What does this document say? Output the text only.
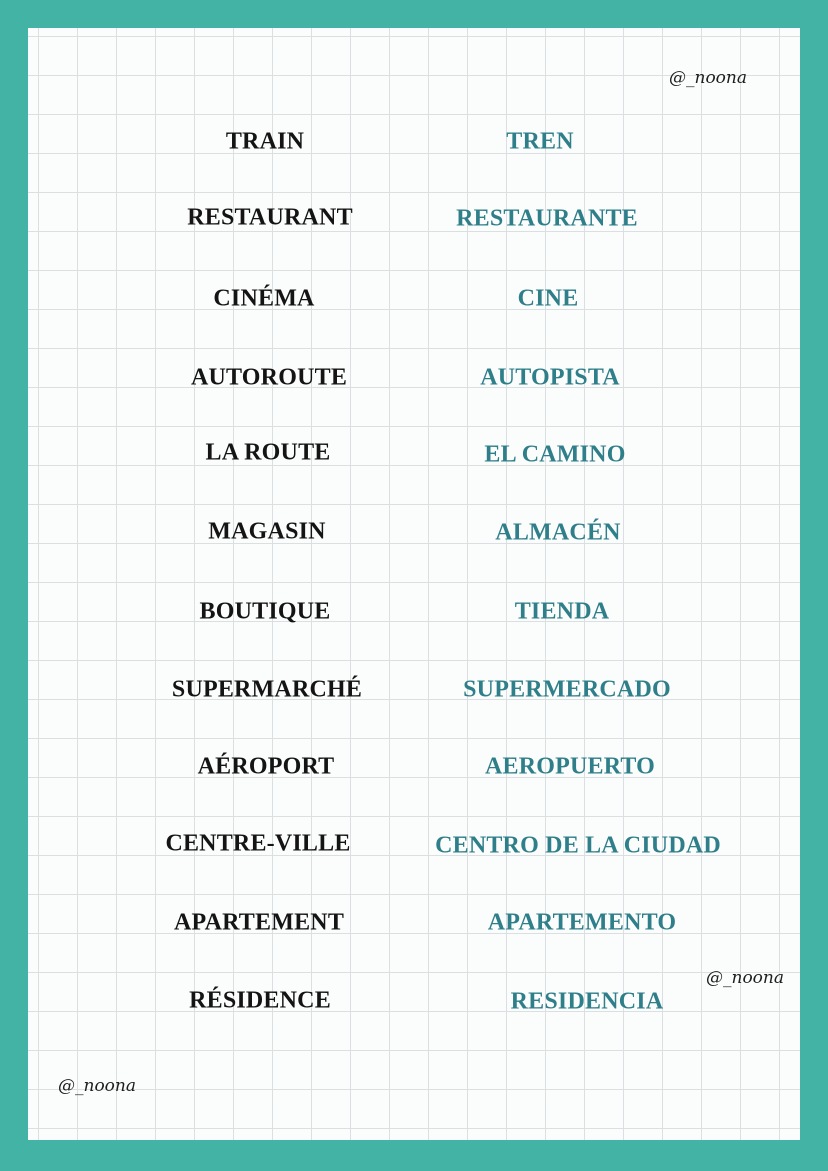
@_noona
@_noona
@_noona
TRAIN	TREN
RESTAURANT	RESTAURANTE
CINÉMA	CINE
AUTOROUTE	AUTOPISTA
LA ROUTE	EL CAMINO
MAGASIN	ALMACÉN
BOUTIQUE	TIENDA
SUPERMARCHÉ	SUPERMERCADO
AÉROPORT	AEROPUERTO
CENTRE-VILLE	CENTRO DE LA CIUDAD
APARTEMENT	APARTEMENTO
RÉSIDENCE	RESIDENCIA
